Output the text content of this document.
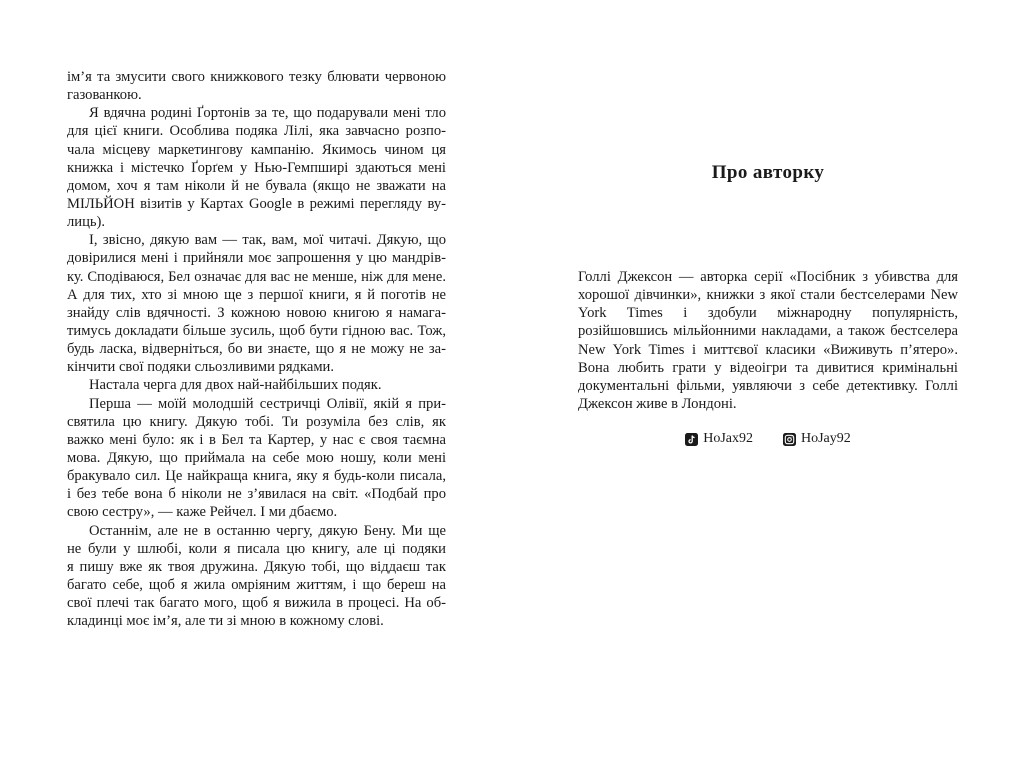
ім’я та змусити свого книжкового тезку блювати червоною
газованкою.
Я вдячна родині Ґортонів за те, що подарували мені тло
для цієї книги. Особлива подяка Лілі, яка завчасно розпо-
чала місцеву маркетингову кампанію. Якимось чином ця
книжка і містечко Ґорґем у Нью-Гемпширі здаються мені
домом, хоч я там ніколи й не бувала (якщо не зважати на
МІЛЬЙОН візитів у Картах Google в режимі перегляду ву-
лиць).
І, звісно, дякую вам — так, вам, мої читачі. Дякую, що
довірилися мені і прийняли моє запрошення у цю мандрів-
ку. Сподіваюся, Бел означає для вас не менше, ніж для мене.
А для тих, хто зі мною ще з першої книги, я й поготів не
знайду слів вдячності. З кожною новою книгою я намага-
тимусь докладати більше зусиль, щоб бути гідною вас. Тож,
будь ласка, відверніться, бо ви знаєте, що я не можу не за-
кінчити свої подяки сльозливими рядками.
Настала черга для двох най-найбільших подяк.
Перша — моїй молодшій сестричці Олівії, якій я при-
святила цю книгу. Дякую тобі. Ти розуміла без слів, як
важко мені було: як і в Бел та Картер, у нас є своя таємна
мова. Дякую, що приймала на себе мою ношу, коли мені
бракувало сил. Це найкраща книга, яку я будь-коли писала,
і без тебе вона б ніколи не з’явилася на світ. «Подбай про
свою сестру», — каже Рейчел. І ми дбаємо.
Останнім, але не в останню чергу, дякую Бену. Ми ще
не були у шлюбі, коли я писала цю книгу, але ці подяки
я пишу вже як твоя дружина. Дякую тобі, що віддаєш так
багато себе, щоб я жила омріяним життям, і що береш на
свої плечі так багато мого, щоб я вижила в процесі. На об-
кладинці моє ім’я, але ти зі мною в кожному слові.
Про авторку

Голлі Джексон — авторка серії «Посібник з убивства для хорошої дівчинки», книжки з якої стали бестселерами New York Times і здобули міжнародну популярність, розійшовшись мільйонними накладами, а також бестселера New York Times і миттєвої класики «Виживуть п’ятеро». Вона любить грати у відеоігри та дивитися кримінальні документальні фільми, уявляючи з себе детективку. Голлі Джексон живе в Лондоні.

HoJax92	HoJay92
